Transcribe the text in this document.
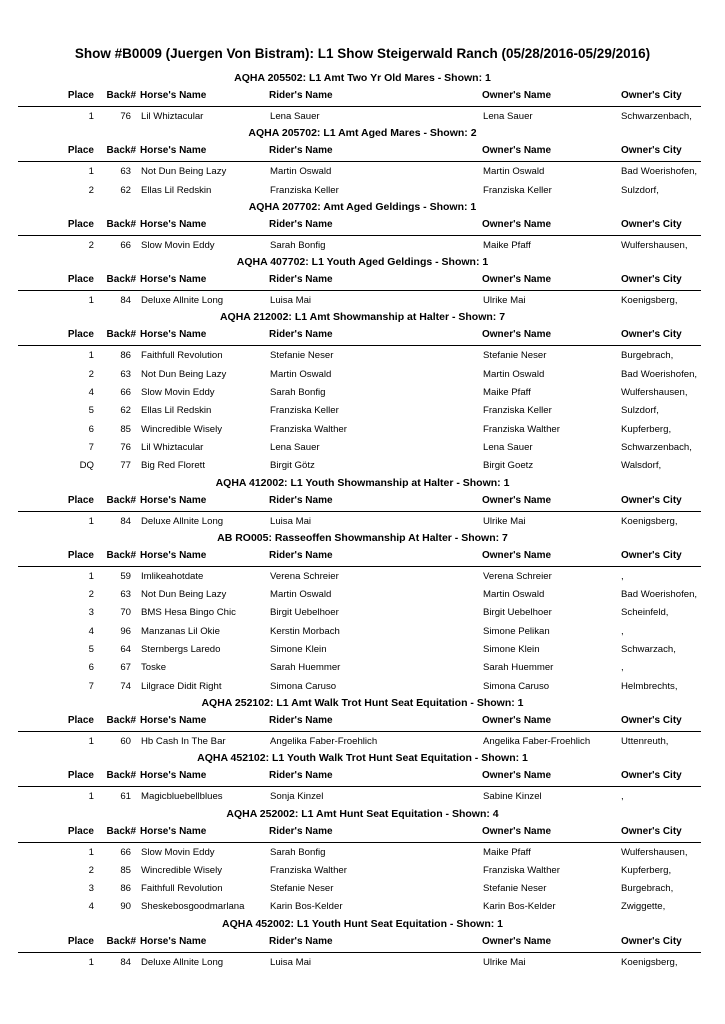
Show #B0009 (Juergen Von Bistram): L1 Show Steigerwald Ranch (05/28/2016-05/29/2016)
AQHA 205502: L1 Amt Two Yr Old Mares - Shown: 1
Place	Back# Horse's Name	Rider's Name	Owner's Name	Owner's City
1	76 Lil Whiztacular	Lena Sauer	Lena Sauer	Schwarzenbach,
AQHA 205702: L1 Amt Aged Mares - Shown: 2
Place	Back# Horse's Name	Rider's Name	Owner's Name	Owner's City
1	63 Not Dun Being Lazy	Martin Oswald	Martin Oswald	Bad Woerishofen,
2	62 Ellas Lil Redskin	Franziska Keller	Franziska Keller	Sulzdorf,
AQHA 207702: Amt Aged Geldings - Shown: 1
Place	Back# Horse's Name	Rider's Name	Owner's Name	Owner's City
2	66 Slow Movin Eddy	Sarah Bonfig	Maike Pfaff	Wulfershausen,
AQHA 407702: L1 Youth Aged Geldings - Shown: 1
Place	Back# Horse's Name	Rider's Name	Owner's Name	Owner's City
1	84 Deluxe Allnite Long	Luisa Mai	Ulrike Mai	Koenigsberg,
AQHA 212002: L1 Amt Showmanship at Halter - Shown: 7
Place	Back# Horse's Name	Rider's Name	Owner's Name	Owner's City
1	86 Faithfull Revolution	Stefanie Neser	Stefanie Neser	Burgebrach,
2	63 Not Dun Being Lazy	Martin Oswald	Martin Oswald	Bad Woerishofen,
4	66 Slow Movin Eddy	Sarah Bonfig	Maike Pfaff	Wulfershausen,
5	62 Ellas Lil Redskin	Franziska Keller	Franziska Keller	Sulzdorf,
6	85 Wincredible Wisely	Franziska Walther	Franziska Walther	Kupferberg,
7	76 Lil Whiztacular	Lena Sauer	Lena Sauer	Schwarzenbach,
DQ	77 Big Red Florett	Birgit Götz	Birgit Goetz	Walsdorf,
AQHA 412002: L1 Youth Showmanship at Halter - Shown: 1
Place	Back# Horse's Name	Rider's Name	Owner's Name	Owner's City
1	84 Deluxe Allnite Long	Luisa Mai	Ulrike Mai	Koenigsberg,
AB RO005: Rasseoffen Showmanship At Halter - Shown: 7
Place	Back# Horse's Name	Rider's Name	Owner's Name	Owner's City
1	59 Imlikeahotdate	Verena Schreier	Verena Schreier	,
2	63 Not Dun Being Lazy	Martin Oswald	Martin Oswald	Bad Woerishofen,
3	70 BMS Hesa Bingo Chic	Birgit Uebelhoer	Birgit Uebelhoer	Scheinfeld,
4	96 Manzanas Lil Okie	Kerstin Morbach	Simone Pelikan	,
5	64 Sternbergs Laredo	Simone Klein	Simone Klein	Schwarzach,
6	67 Toske	Sarah Huemmer	Sarah Huemmer	,
7	74 Lilgrace Didit Right	Simona Caruso	Simona Caruso	Helmbrechts,
AQHA 252102: L1 Amt Walk Trot Hunt Seat Equitation - Shown: 1
Place	Back# Horse's Name	Rider's Name	Owner's Name	Owner's City
1	60 Hb Cash In The Bar	Angelika Faber-Froehlich	Angelika Faber-Froehlich	Uttenreuth,
AQHA 452102: L1 Youth Walk Trot Hunt Seat Equitation - Shown: 1
Place	Back# Horse's Name	Rider's Name	Owner's Name	Owner's City
1	61 Magicbluebellblues	Sonja Kinzel	Sabine Kinzel	,
AQHA 252002: L1 Amt Hunt Seat Equitation - Shown: 4
Place	Back# Horse's Name	Rider's Name	Owner's Name	Owner's City
1	66 Slow Movin Eddy	Sarah Bonfig	Maike Pfaff	Wulfershausen,
2	85 Wincredible Wisely	Franziska Walther	Franziska Walther	Kupferberg,
3	86 Faithfull Revolution	Stefanie Neser	Stefanie Neser	Burgebrach,
4	90 Sheskebosgoodmarlana	Karin Bos-Kelder	Karin Bos-Kelder	Zwiggette,
AQHA 452002: L1 Youth Hunt Seat Equitation - Shown: 1
Place	Back# Horse's Name	Rider's Name	Owner's Name	Owner's City
1	84 Deluxe Allnite Long	Luisa Mai	Ulrike Mai	Koenigsberg,
